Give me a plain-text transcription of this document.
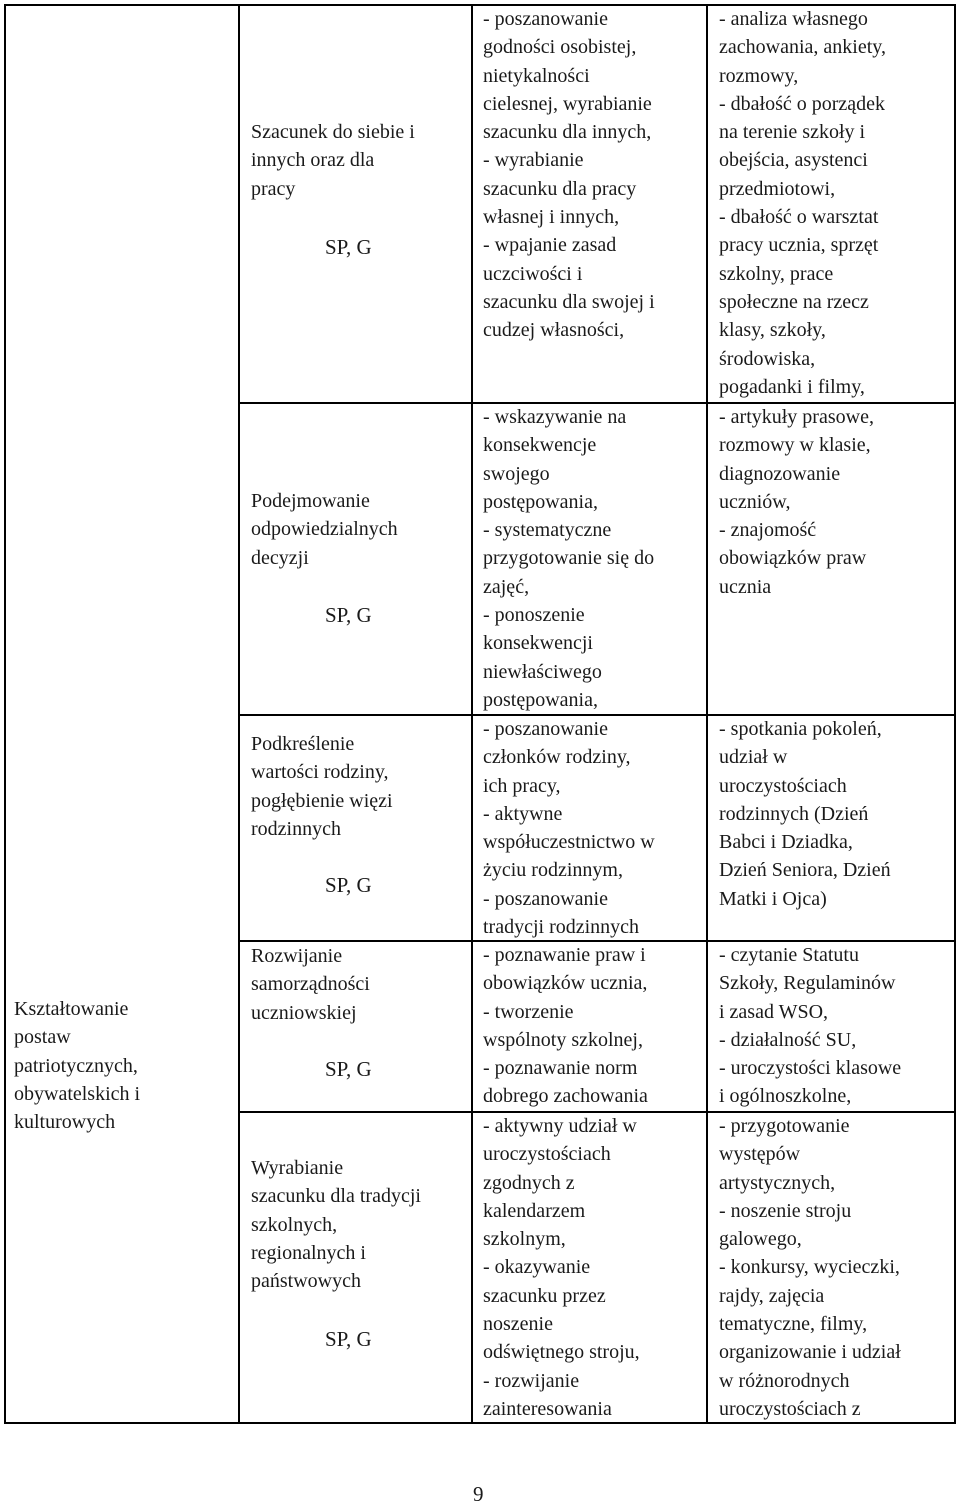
Kształtowanie
postaw
patriotycznych,
obywatelskich i
kulturowych
Szacunek do siebie i
innych oraz dla
pracy
SP, G
- poszanowanie
godności osobistej,
nietykalności
cielesnej, wyrabianie
szacunku dla innych,
- wyrabianie
szacunku dla pracy
własnej i innych,
- wpajanie zasad
uczciwości i
szacunku dla swojej i
cudzej własności,
- analiza własnego
zachowania, ankiety,
rozmowy,
- dbałość o porządek
na terenie szkoły i
obejścia, asystenci
przedmiotowi,
- dbałość o warsztat
pracy ucznia, sprzęt
szkolny, prace
społeczne na rzecz
klasy, szkoły,
środowiska,
pogadanki i filmy,
Podejmowanie
odpowiedzialnych
decyzji
SP, G
- wskazywanie na
konsekwencje
swojego
postępowania,
- systematyczne
przygotowanie się do
zajęć,
- ponoszenie
konsekwencji
niewłaściwego
postępowania,
- artykuły prasowe,
rozmowy w klasie,
diagnozowanie
uczniów,
- znajomość
obowiązków praw
ucznia
Podkreślenie
wartości rodziny,
pogłębienie więzi
rodzinnych
SP, G
- poszanowanie
członków rodziny,
ich pracy,
- aktywne
współuczestnictwo w
życiu rodzinnym,
- poszanowanie
tradycji rodzinnych
- spotkania pokoleń,
udział w
uroczystościach
rodzinnych (Dzień
Babci i Dziadka,
Dzień Seniora, Dzień
Matki i Ojca)
Rozwijanie
samorządności
uczniowskiej
SP, G
- poznawanie praw i
obowiązków ucznia,
- tworzenie
wspólnoty szkolnej,
- poznawanie norm
dobrego zachowania
- czytanie Statutu
Szkoły, Regulaminów
i zasad WSO,
- działalność SU,
- uroczystości klasowe
i ogólnoszkolne,
Wyrabianie
szacunku dla tradycji
szkolnych,
regionalnych i
państwowych
SP, G
- aktywny udział w
uroczystościach
zgodnych z
kalendarzem
szkolnym,
- okazywanie
szacunku przez
noszenie
odświętnego stroju,
- rozwijanie
zainteresowania
- przygotowanie
występów
artystycznych,
- noszenie stroju
galowego,
- konkursy, wycieczki,
rajdy, zajęcia
tematyczne, filmy,
organizowanie i udział
w różnorodnych
uroczystościach z
9
